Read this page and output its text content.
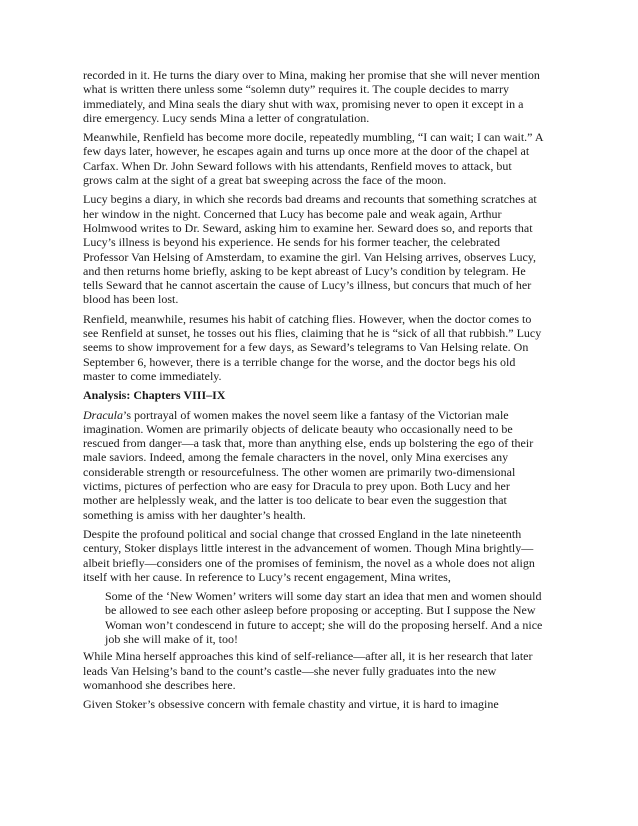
recorded in it. He turns the diary over to Mina, making her promise that she will never mention what is written there unless some “solemn duty” requires it. The couple decides to marry immediately, and Mina seals the diary shut with wax, promising never to open it except in a dire emergency. Lucy sends Mina a letter of congratulation.

Meanwhile, Renfield has become more docile, repeatedly mumbling, “I can wait; I can wait.” A few days later, however, he escapes again and turns up once more at the door of the chapel at Carfax. When Dr. John Seward follows with his attendants, Renfield moves to attack, but grows calm at the sight of a great bat sweeping across the face of the moon.

Lucy begins a diary, in which she records bad dreams and recounts that something scratches at her window in the night. Concerned that Lucy has become pale and weak again, Arthur Holmwood writes to Dr. Seward, asking him to examine her. Seward does so, and reports that Lucy’s illness is beyond his experience. He sends for his former teacher, the celebrated Professor Van Helsing of Amsterdam, to examine the girl. Van Helsing arrives, observes Lucy, and then returns home briefly, asking to be kept abreast of Lucy’s condition by telegram. He tells Seward that he cannot ascertain the cause of Lucy’s illness, but concurs that much of her blood has been lost.

Renfield, meanwhile, resumes his habit of catching flies. However, when the doctor comes to see Renfield at sunset, he tosses out his flies, claiming that he is “sick of all that rubbish.” Lucy seems to show improvement for a few days, as Seward’s telegrams to Van Helsing relate. On September 6, however, there is a terrible change for the worse, and the doctor begs his old master to come immediately.

Analysis: Chapters VIII–IX

Dracula’s portrayal of women makes the novel seem like a fantasy of the Victorian male imagination. Women are primarily objects of delicate beauty who occasionally need to be rescued from danger—a task that, more than anything else, ends up bolstering the ego of their male saviors. Indeed, among the female characters in the novel, only Mina exercises any considerable strength or resourcefulness. The other women are primarily two-dimensional victims, pictures of perfection who are easy for Dracula to prey upon. Both Lucy and her mother are helplessly weak, and the latter is too delicate to bear even the suggestion that something is amiss with her daughter’s health.

Despite the profound political and social change that crossed England in the late nineteenth century, Stoker displays little interest in the advancement of women. Though Mina brightly—albeit briefly—considers one of the promises of feminism, the novel as a whole does not align itself with her cause. In reference to Lucy’s recent engagement, Mina writes,

Some of the ‘New Women’ writers will some day start an idea that men and women should be allowed to see each other asleep before proposing or accepting. But I suppose the New Woman won’t condescend in future to accept; she will do the proposing herself. And a nice job she will make of it, too!

While Mina herself approaches this kind of self-reliance—after all, it is her research that later leads Van Helsing’s band to the count’s castle—she never fully graduates into the new womanhood she describes here.

Given Stoker’s obsessive concern with female chastity and virtue, it is hard to imagine
